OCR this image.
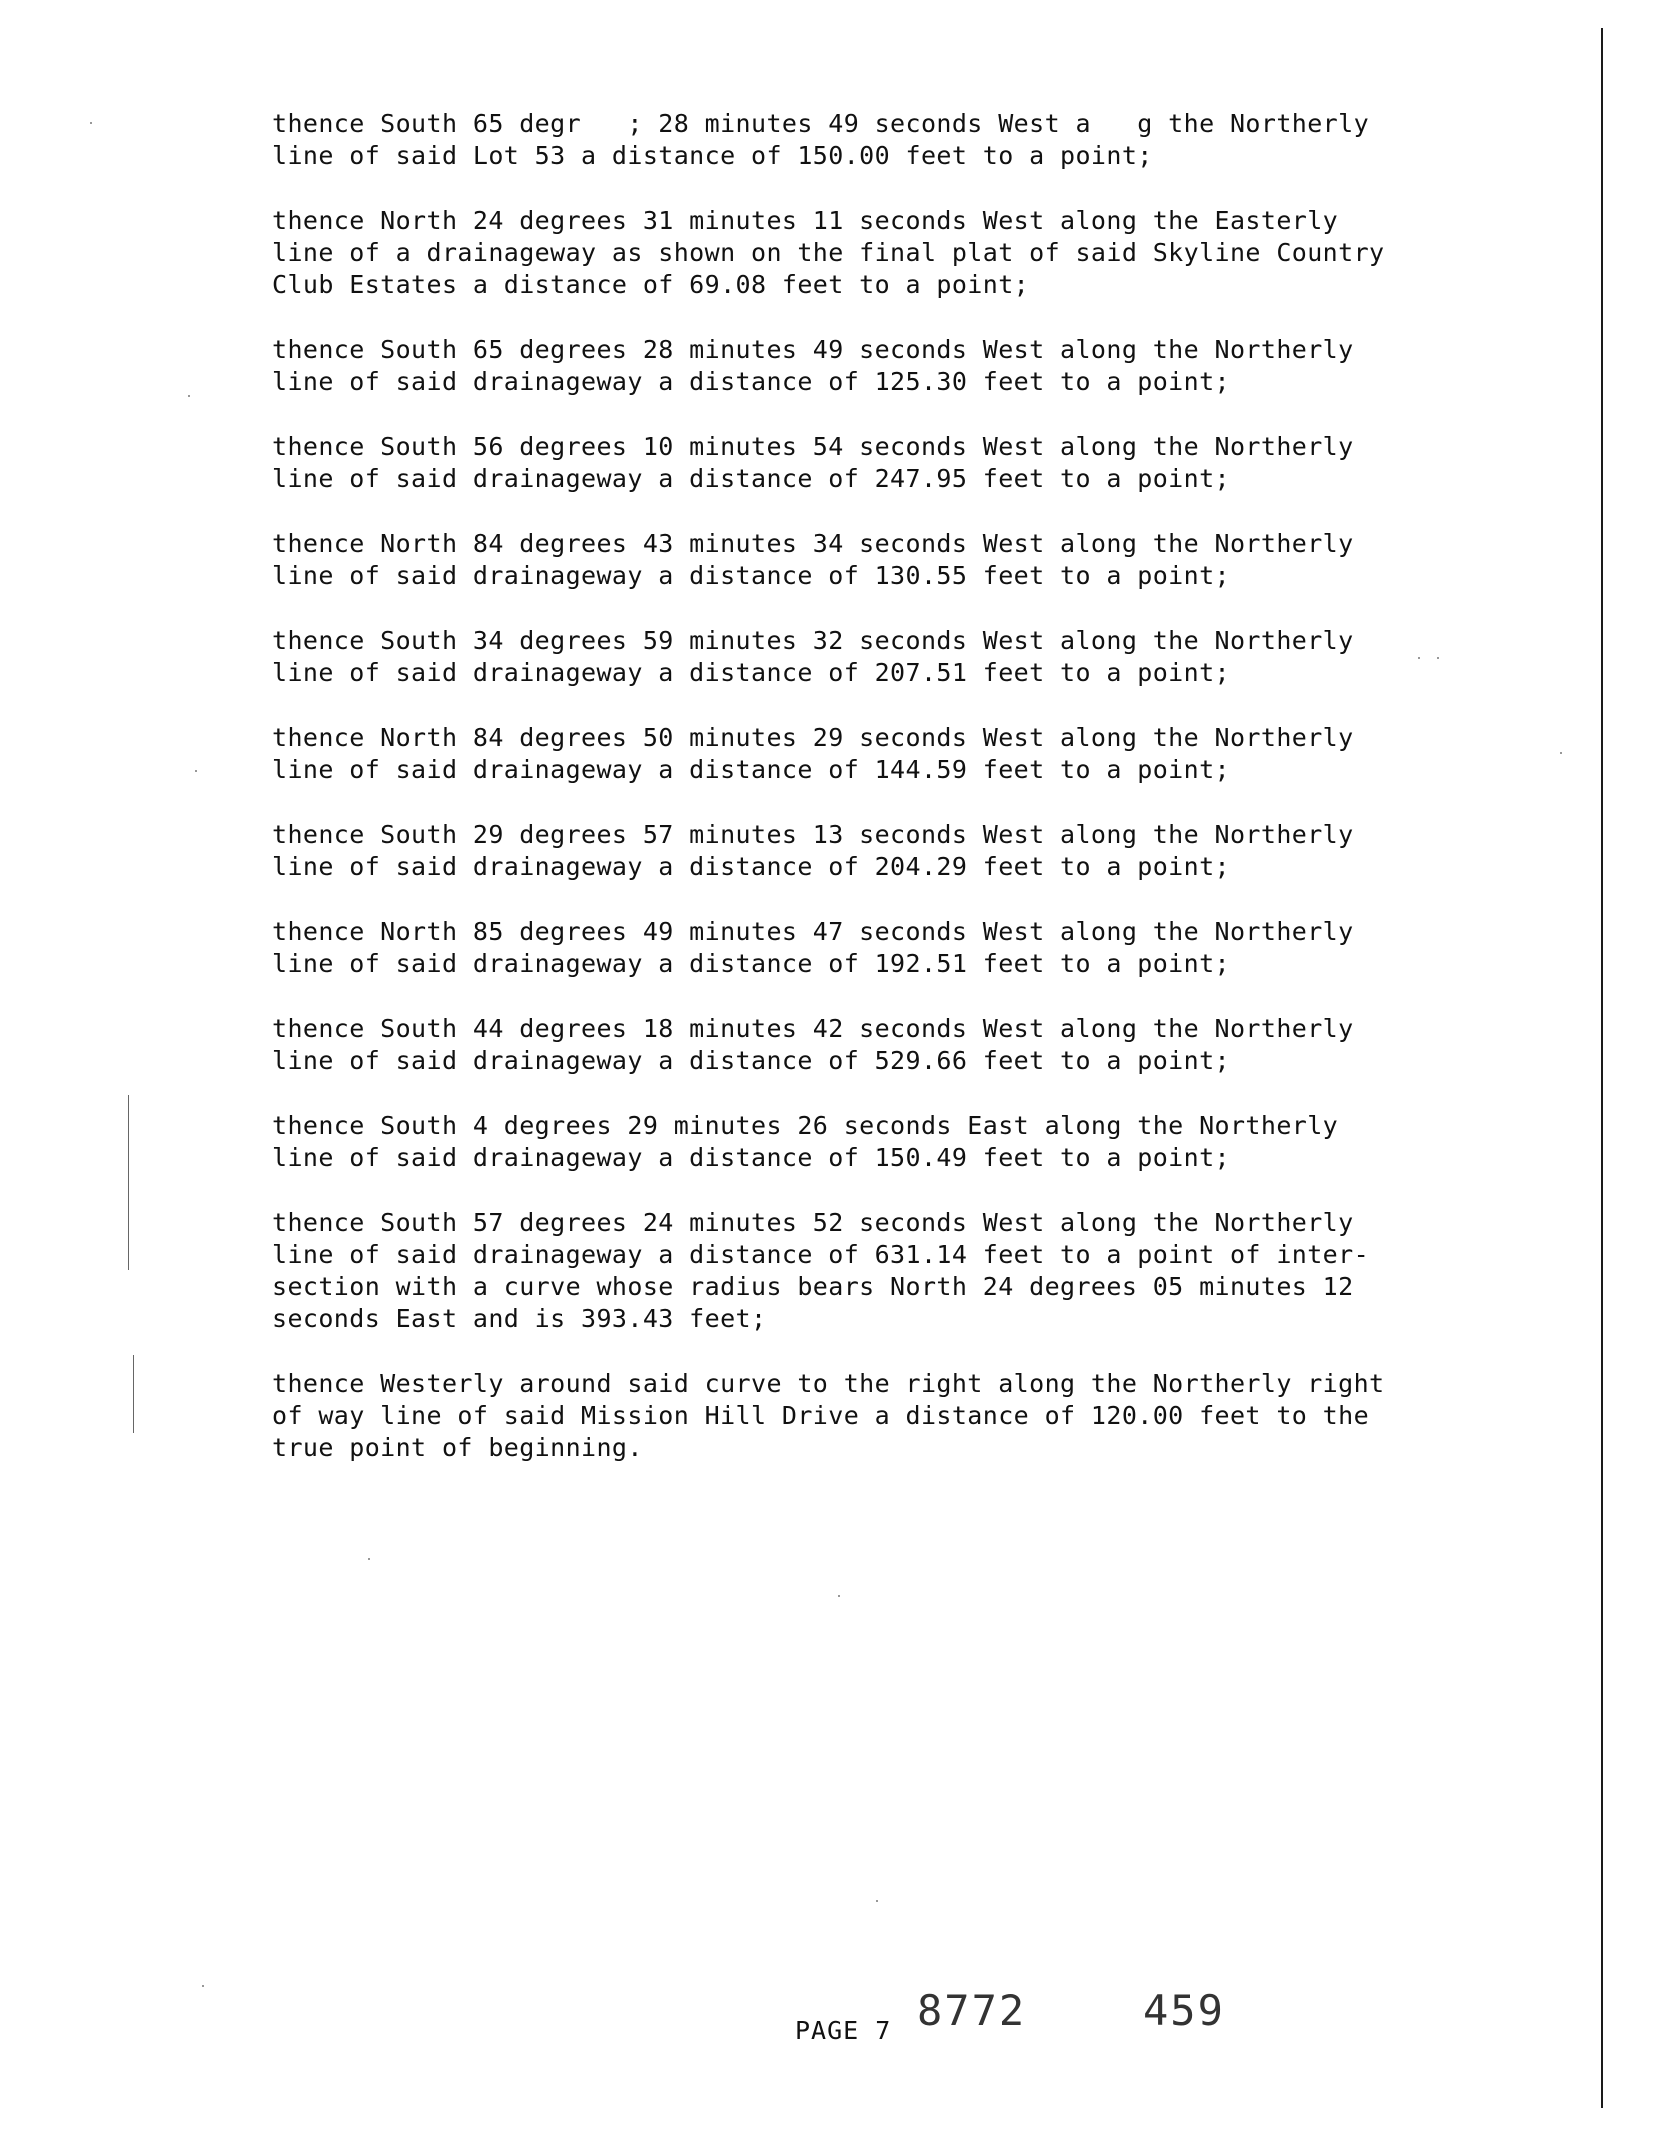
thence South 65 degr   ; 28 minutes 49 seconds West a   g the Northerly
line of said Lot 53 a distance of 150.00 feet to a point;
thence North 24 degrees 31 minutes 11 seconds West along the Easterly
line of a drainageway as shown on the final plat of said Skyline Country
Club Estates a distance of 69.08 feet to a point;
thence South 65 degrees 28 minutes 49 seconds West along the Northerly
line of said drainageway a distance of 125.30 feet to a point;
thence South 56 degrees 10 minutes 54 seconds West along the Northerly
line of said drainageway a distance of 247.95 feet to a point;
thence North 84 degrees 43 minutes 34 seconds West along the Northerly
line of said drainageway a distance of 130.55 feet to a point;
thence South 34 degrees 59 minutes 32 seconds West along the Northerly
line of said drainageway a distance of 207.51 feet to a point;
thence North 84 degrees 50 minutes 29 seconds West along the Northerly
line of said drainageway a distance of 144.59 feet to a point;
thence South 29 degrees 57 minutes 13 seconds West along the Northerly
line of said drainageway a distance of 204.29 feet to a point;
thence North 85 degrees 49 minutes 47 seconds West along the Northerly
line of said drainageway a distance of 192.51 feet to a point;
thence South 44 degrees 18 minutes 42 seconds West along the Northerly
line of said drainageway a distance of 529.66 feet to a point;
thence South 4 degrees 29 minutes 26 seconds East along the Northerly
line of said drainageway a distance of 150.49 feet to a point;
thence South 57 degrees 24 minutes 52 seconds West along the Northerly
line of said drainageway a distance of 631.14 feet to a point of inter-
section with a curve whose radius bears North 24 degrees 05 minutes 12
seconds East and is 393.43 feet;
thence Westerly around said curve to the right along the Northerly right
of way line of said Mission Hill Drive a distance of 120.00 feet to the
true point of beginning.
PAGE 7 8772	459
